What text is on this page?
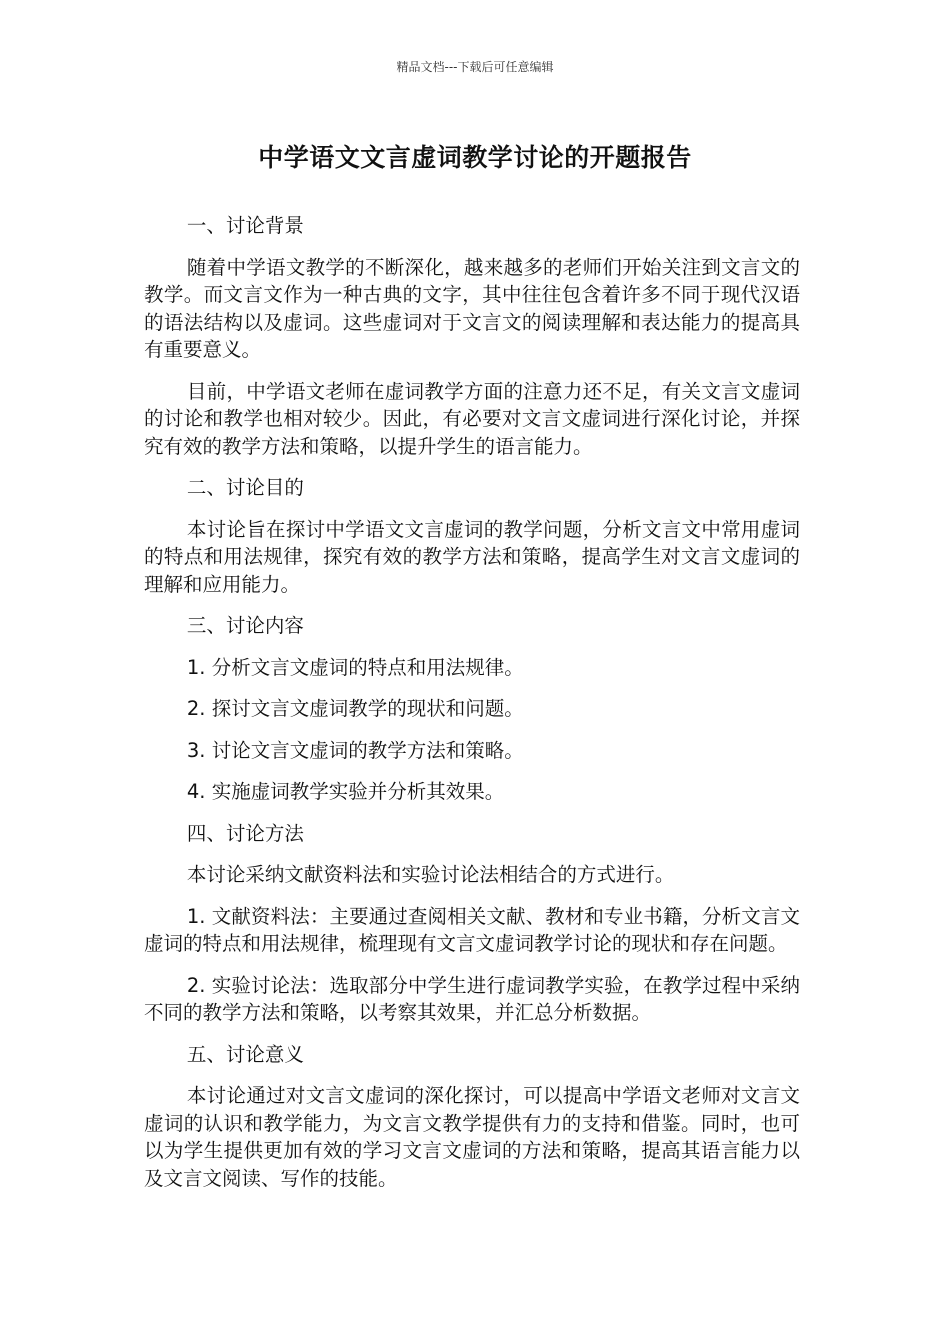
精品文档---下载后可任意编辑
中学语文文言虚词教学讨论的开题报告

一、讨论背景

随着中学语文教学的不断深化，越来越多的老师们开始关注到文言文的教学。而文言文作为一种古典的文字，其中往往包含着许多不同于现代汉语的语法结构以及虚词。这些虚词对于文言文的阅读理解和表达能力的提高具有重要意义。

目前，中学语文老师在虚词教学方面的注意力还不足，有关文言文虚词的讨论和教学也相对较少。因此，有必要对文言文虚词进行深化讨论，并探究有效的教学方法和策略，以提升学生的语言能力。

二、讨论目的

本讨论旨在探讨中学语文文言虚词的教学问题，分析文言文中常用虚词的特点和用法规律，探究有效的教学方法和策略，提高学生对文言文虚词的理解和应用能力。

三、讨论内容

1. 分析文言文虚词的特点和用法规律。

2. 探讨文言文虚词教学的现状和问题。

3. 讨论文言文虚词的教学方法和策略。

4. 实施虚词教学实验并分析其效果。

四、讨论方法

本讨论采纳文献资料法和实验讨论法相结合的方式进行。

1. 文献资料法：主要通过查阅相关文献、教材和专业书籍，分析文言文虚词的特点和用法规律，梳理现有文言文虚词教学讨论的现状和存在问题。

2. 实验讨论法：选取部分中学生进行虚词教学实验，在教学过程中采纳不同的教学方法和策略，以考察其效果，并汇总分析数据。

五、讨论意义

本讨论通过对文言文虚词的深化探讨，可以提高中学语文老师对文言文虚词的认识和教学能力，为文言文教学提供有力的支持和借鉴。同时，也可以为学生提供更加有效的学习文言文虚词的方法和策略，提高其语言能力以及文言文阅读、写作的技能。
